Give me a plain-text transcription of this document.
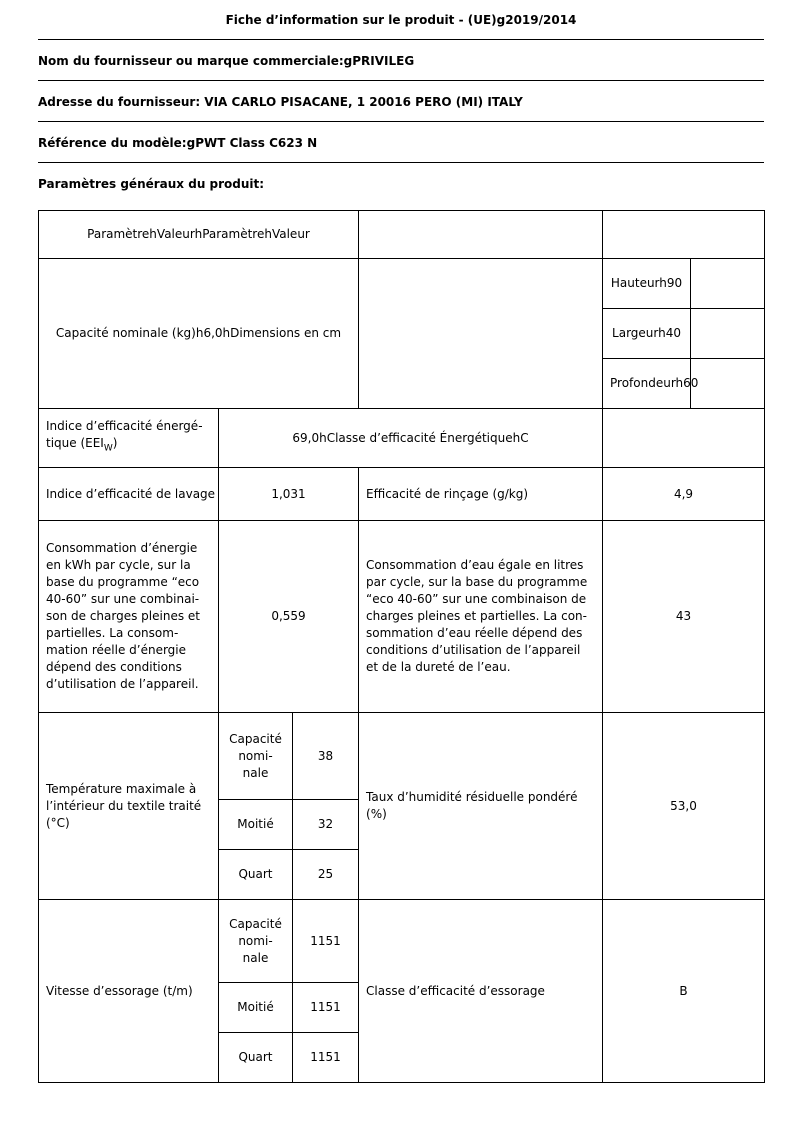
Fiche d’information sur le produit - (UE)g2019/2014
Nom du fournisseur ou marque commerciale:gPRIVILEG
Adresse du fournisseur: VIA CARLO PISACANE, 1 20016 PERO (MI) ITALY
Référence du modèle:gPWT Class C623 N
Paramètres généraux du produit:
ParamètrehValeurhParamètrehValeur					
Capacité nominale (kg)h6,0hDimensions en cm				Hauteurh90	
				Largeurh40	
				Profondeurh60	
Indice d’efficacité énergétique $(EEI_W)$	69,0hClasse d’efficacité ÉnergétiquehC				
Indice d’efficacité de lavage	1,031		Efficacité de rinçage (g/kg)	4,9	
Consommation d’énergie en kWh par cycle, sur la base du programme “eco 40-60” sur une combinaison de charges pleines et partielles. La consommation réelle d’énergie dépend des conditions d’utilisation de l’appareil.	0,559	Consommation d’eau égale en litres par cycle, sur la base du programme “eco 40-60” sur une combinaison de charges pleines et partielles. La consommation d’eau réelle dépend des conditions d’utilisation de l’appareil et de la dureté de l’eau.	43
Température maximale à l’intérieur du textile traité (°C)	Capacité nominale	38	Taux d’humidité résiduelle pondéré (%)	53,0	
	Moitié	32			
	Quart	25			
Vitesse d’essorage (t/m)	Capacité nominale	1151	Classe d’efficacité d’essorage	B	
	Moitié	1151			
	Quart	1151			
